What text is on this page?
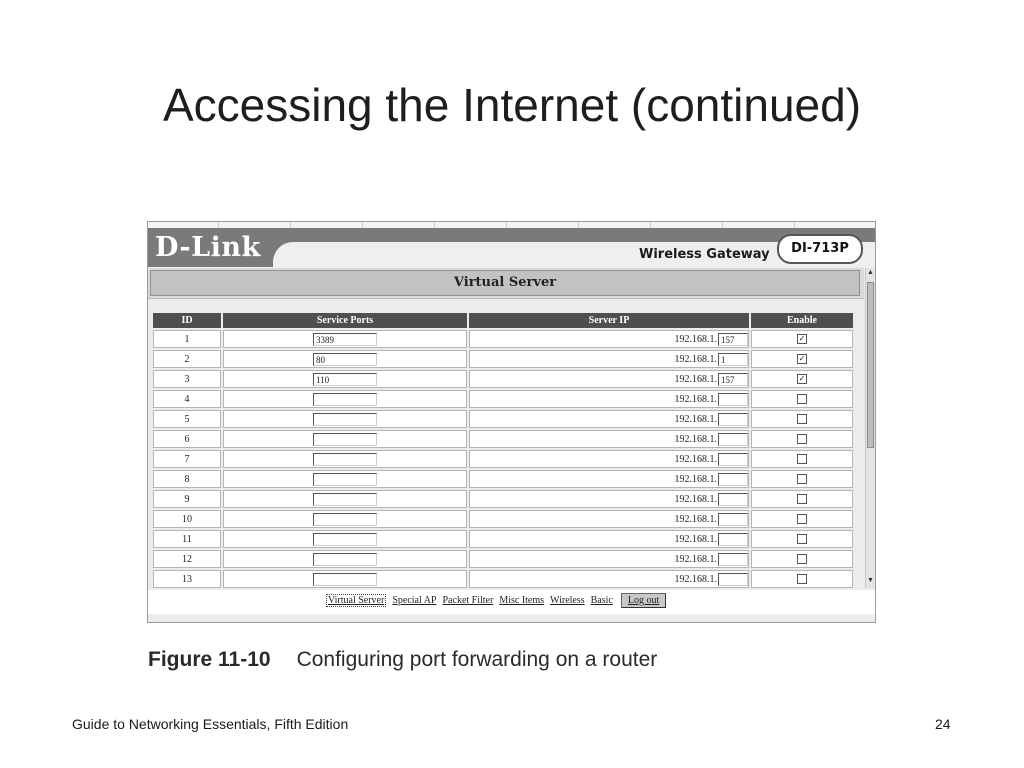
Accessing the Internet (continued)
D-Link	Wireless Gateway	DI-713P
Virtual Server
▲
▼
ID	Service Ports	Server IP	Enable
1	3389	192.168.1. 157	✓
2	80	192.168.1. 1	✓
3	110	192.168.1. 157	✓
4		192.168.1.	
5		192.168.1.	
6		192.168.1.	
7		192.168.1.	
8		192.168.1.	
9		192.168.1.	
10		192.168.1.	
11		192.168.1.	
12		192.168.1.	
13		192.168.1.	
Virtual Server Special AP Packet Filter Misc Items Wireless Basic Log out
Figure 11-10 Configuring port forwarding on a router
Guide to Networking Essentials, Fifth Edition	24
